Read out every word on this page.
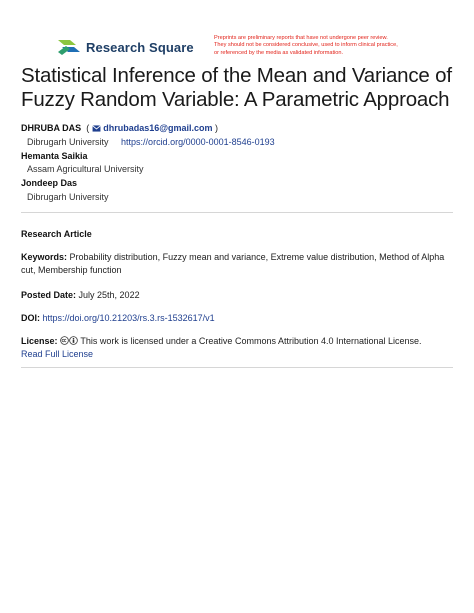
Research Square
Preprints are preliminary reports that have not undergone peer review.
They should not be considered conclusive, used to inform clinical practice,
or referenced by the media as validated information.
Statistical Inference of the Mean and Variance of
Fuzzy Random Variable: A Parametric Approach
DHRUBA DAS ( dhrubadas16@gmail.com )
Dibrugarh University https://orcid.org/0000-0001-8546-0193
Hemanta Saikia
Assam Agricultural University
Jondeep Das
Dibrugarh University
Research Article
Keywords: Probability distribution, Fuzzy mean and variance, Extreme value distribution, Method of Alpha
cut, Membership function
Posted Date: July 25th, 2022
DOI: https://doi.org/10.21203/rs.3.rs-1532617/v1
License:	This work is licensed under a Creative Commons Attribution 4.0 International License.
Read Full License
